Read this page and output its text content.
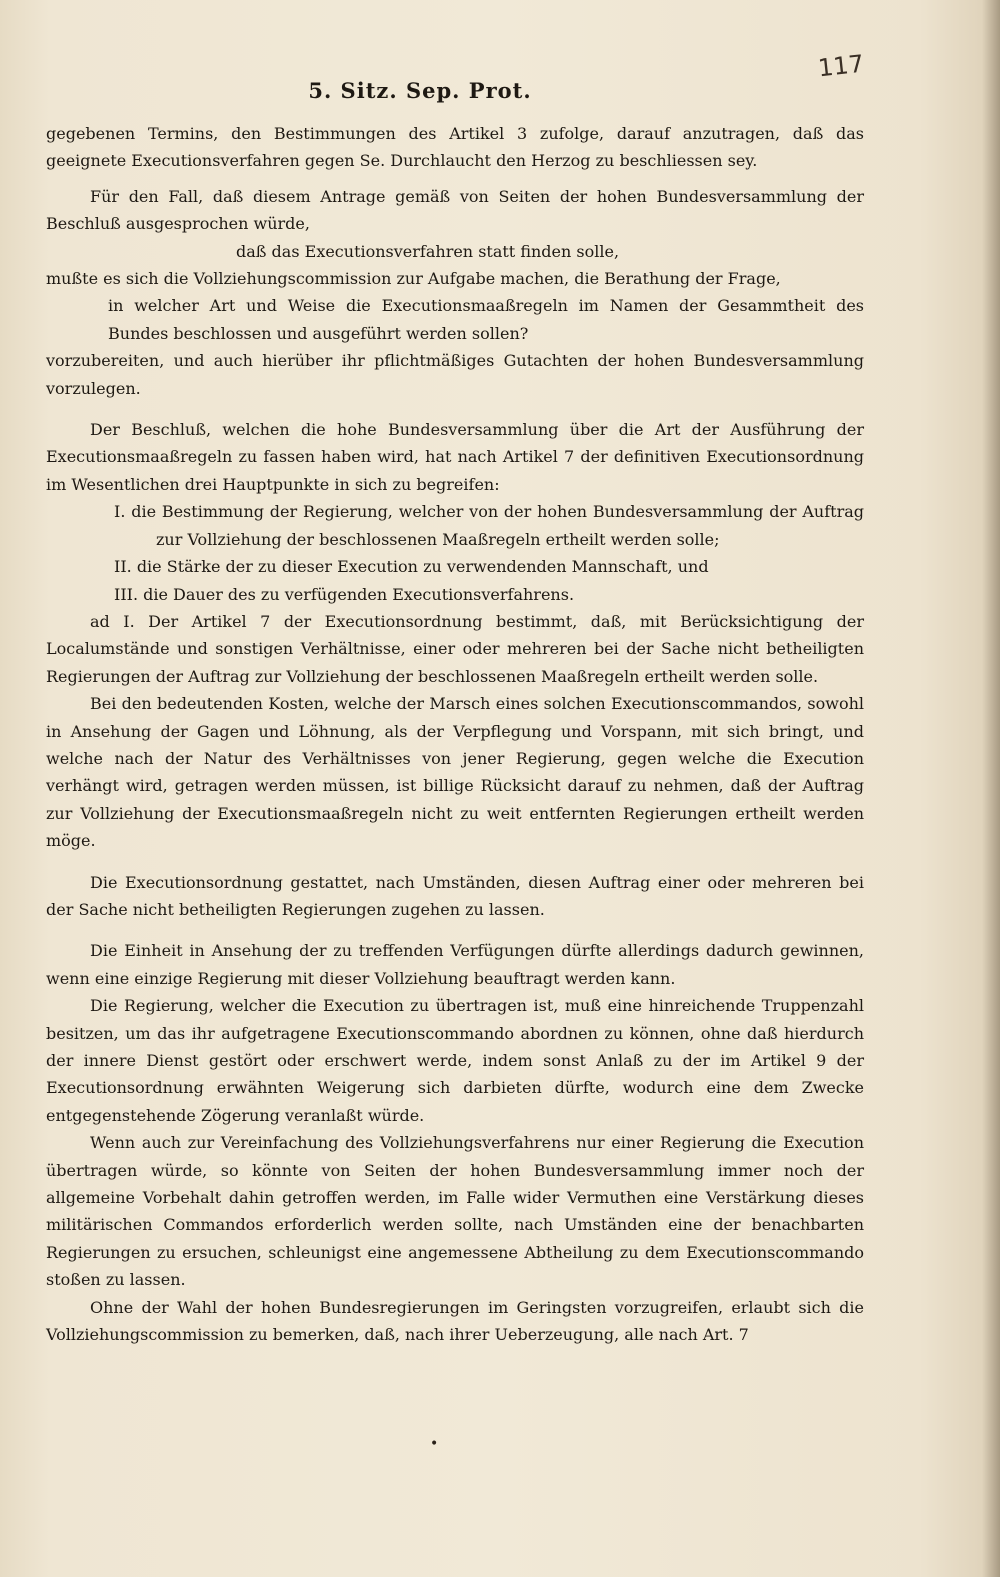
117
5. Sitz. Sep. Prot.

gegebenen Termins, den Bestimmungen des Artikel 3 zufolge, darauf anzutragen, daß das geeignete Executionsverfahren gegen Se. Durchlaucht den Herzog zu beschliessen sey.

Für den Fall, daß diesem Antrage gemäß von Seiten der hohen Bundesversammlung der Beschluß ausgesprochen würde,

daß das Executionsverfahren statt finden solle,

mußte es sich die Vollziehungscommission zur Aufgabe machen, die Berathung der Frage,

in welcher Art und Weise die Executionsmaaßregeln im Namen der Gesammtheit des Bundes beschlossen und ausgeführt werden sollen?

vorzubereiten, und auch hierüber ihr pflichtmäßiges Gutachten der hohen Bundesversammlung vorzulegen.

Der Beschluß, welchen die hohe Bundesversammlung über die Art der Ausführung der Executionsmaaßregeln zu fassen haben wird, hat nach Artikel 7 der definitiven Executionsordnung im Wesentlichen drei Hauptpunkte in sich zu begreifen:

I. die Bestimmung der Regierung, welcher von der hohen Bundesversammlung der Auftrag zur Vollziehung der beschlossenen Maaßregeln ertheilt werden solle;

II. die Stärke der zu dieser Execution zu verwendenden Mannschaft, und

III. die Dauer des zu verfügenden Executionsverfahrens.

ad I. Der Artikel 7 der Executionsordnung bestimmt, daß, mit Berücksichtigung der Localumstände und sonstigen Verhältnisse, einer oder mehreren bei der Sache nicht betheiligten Regierungen der Auftrag zur Vollziehung der beschlossenen Maaßregeln ertheilt werden solle.

Bei den bedeutenden Kosten, welche der Marsch eines solchen Executionscommandos, sowohl in Ansehung der Gagen und Löhnung, als der Verpflegung und Vorspann, mit sich bringt, und welche nach der Natur des Verhältnisses von jener Regierung, gegen welche die Execution verhängt wird, getragen werden müssen, ist billige Rücksicht darauf zu nehmen, daß der Auftrag zur Vollziehung der Executionsmaaßregeln nicht zu weit entfernten Regierungen ertheilt werden möge.

Die Executionsordnung gestattet, nach Umständen, diesen Auftrag einer oder mehreren bei der Sache nicht betheiligten Regierungen zugehen zu lassen.

Die Einheit in Ansehung der zu treffenden Verfügungen dürfte allerdings dadurch gewinnen, wenn eine einzige Regierung mit dieser Vollziehung beauftragt werden kann.

Die Regierung, welcher die Execution zu übertragen ist, muß eine hinreichende Truppenzahl besitzen, um das ihr aufgetragene Executionscommando abordnen zu können, ohne daß hierdurch der innere Dienst gestört oder erschwert werde, indem sonst Anlaß zu der im Artikel 9 der Executionsordnung erwähnten Weigerung sich darbieten dürfte, wodurch eine dem Zwecke entgegenstehende Zögerung veranlaßt würde.

Wenn auch zur Vereinfachung des Vollziehungsverfahrens nur einer Regierung die Execution übertragen würde, so könnte von Seiten der hohen Bundesversammlung immer noch der allgemeine Vorbehalt dahin getroffen werden, im Falle wider Vermuthen eine Verstärkung dieses militärischen Commandos erforderlich werden sollte, nach Umständen eine der benachbarten Regierungen zu ersuchen, schleunigst eine angemessene Abtheilung zu dem Executionscommando stoßen zu lassen.

Ohne der Wahl der hohen Bundesregierungen im Geringsten vorzugreifen, erlaubt sich die Vollziehungscommission zu bemerken, daß, nach ihrer Ueberzeugung, alle nach Art. 7

•
